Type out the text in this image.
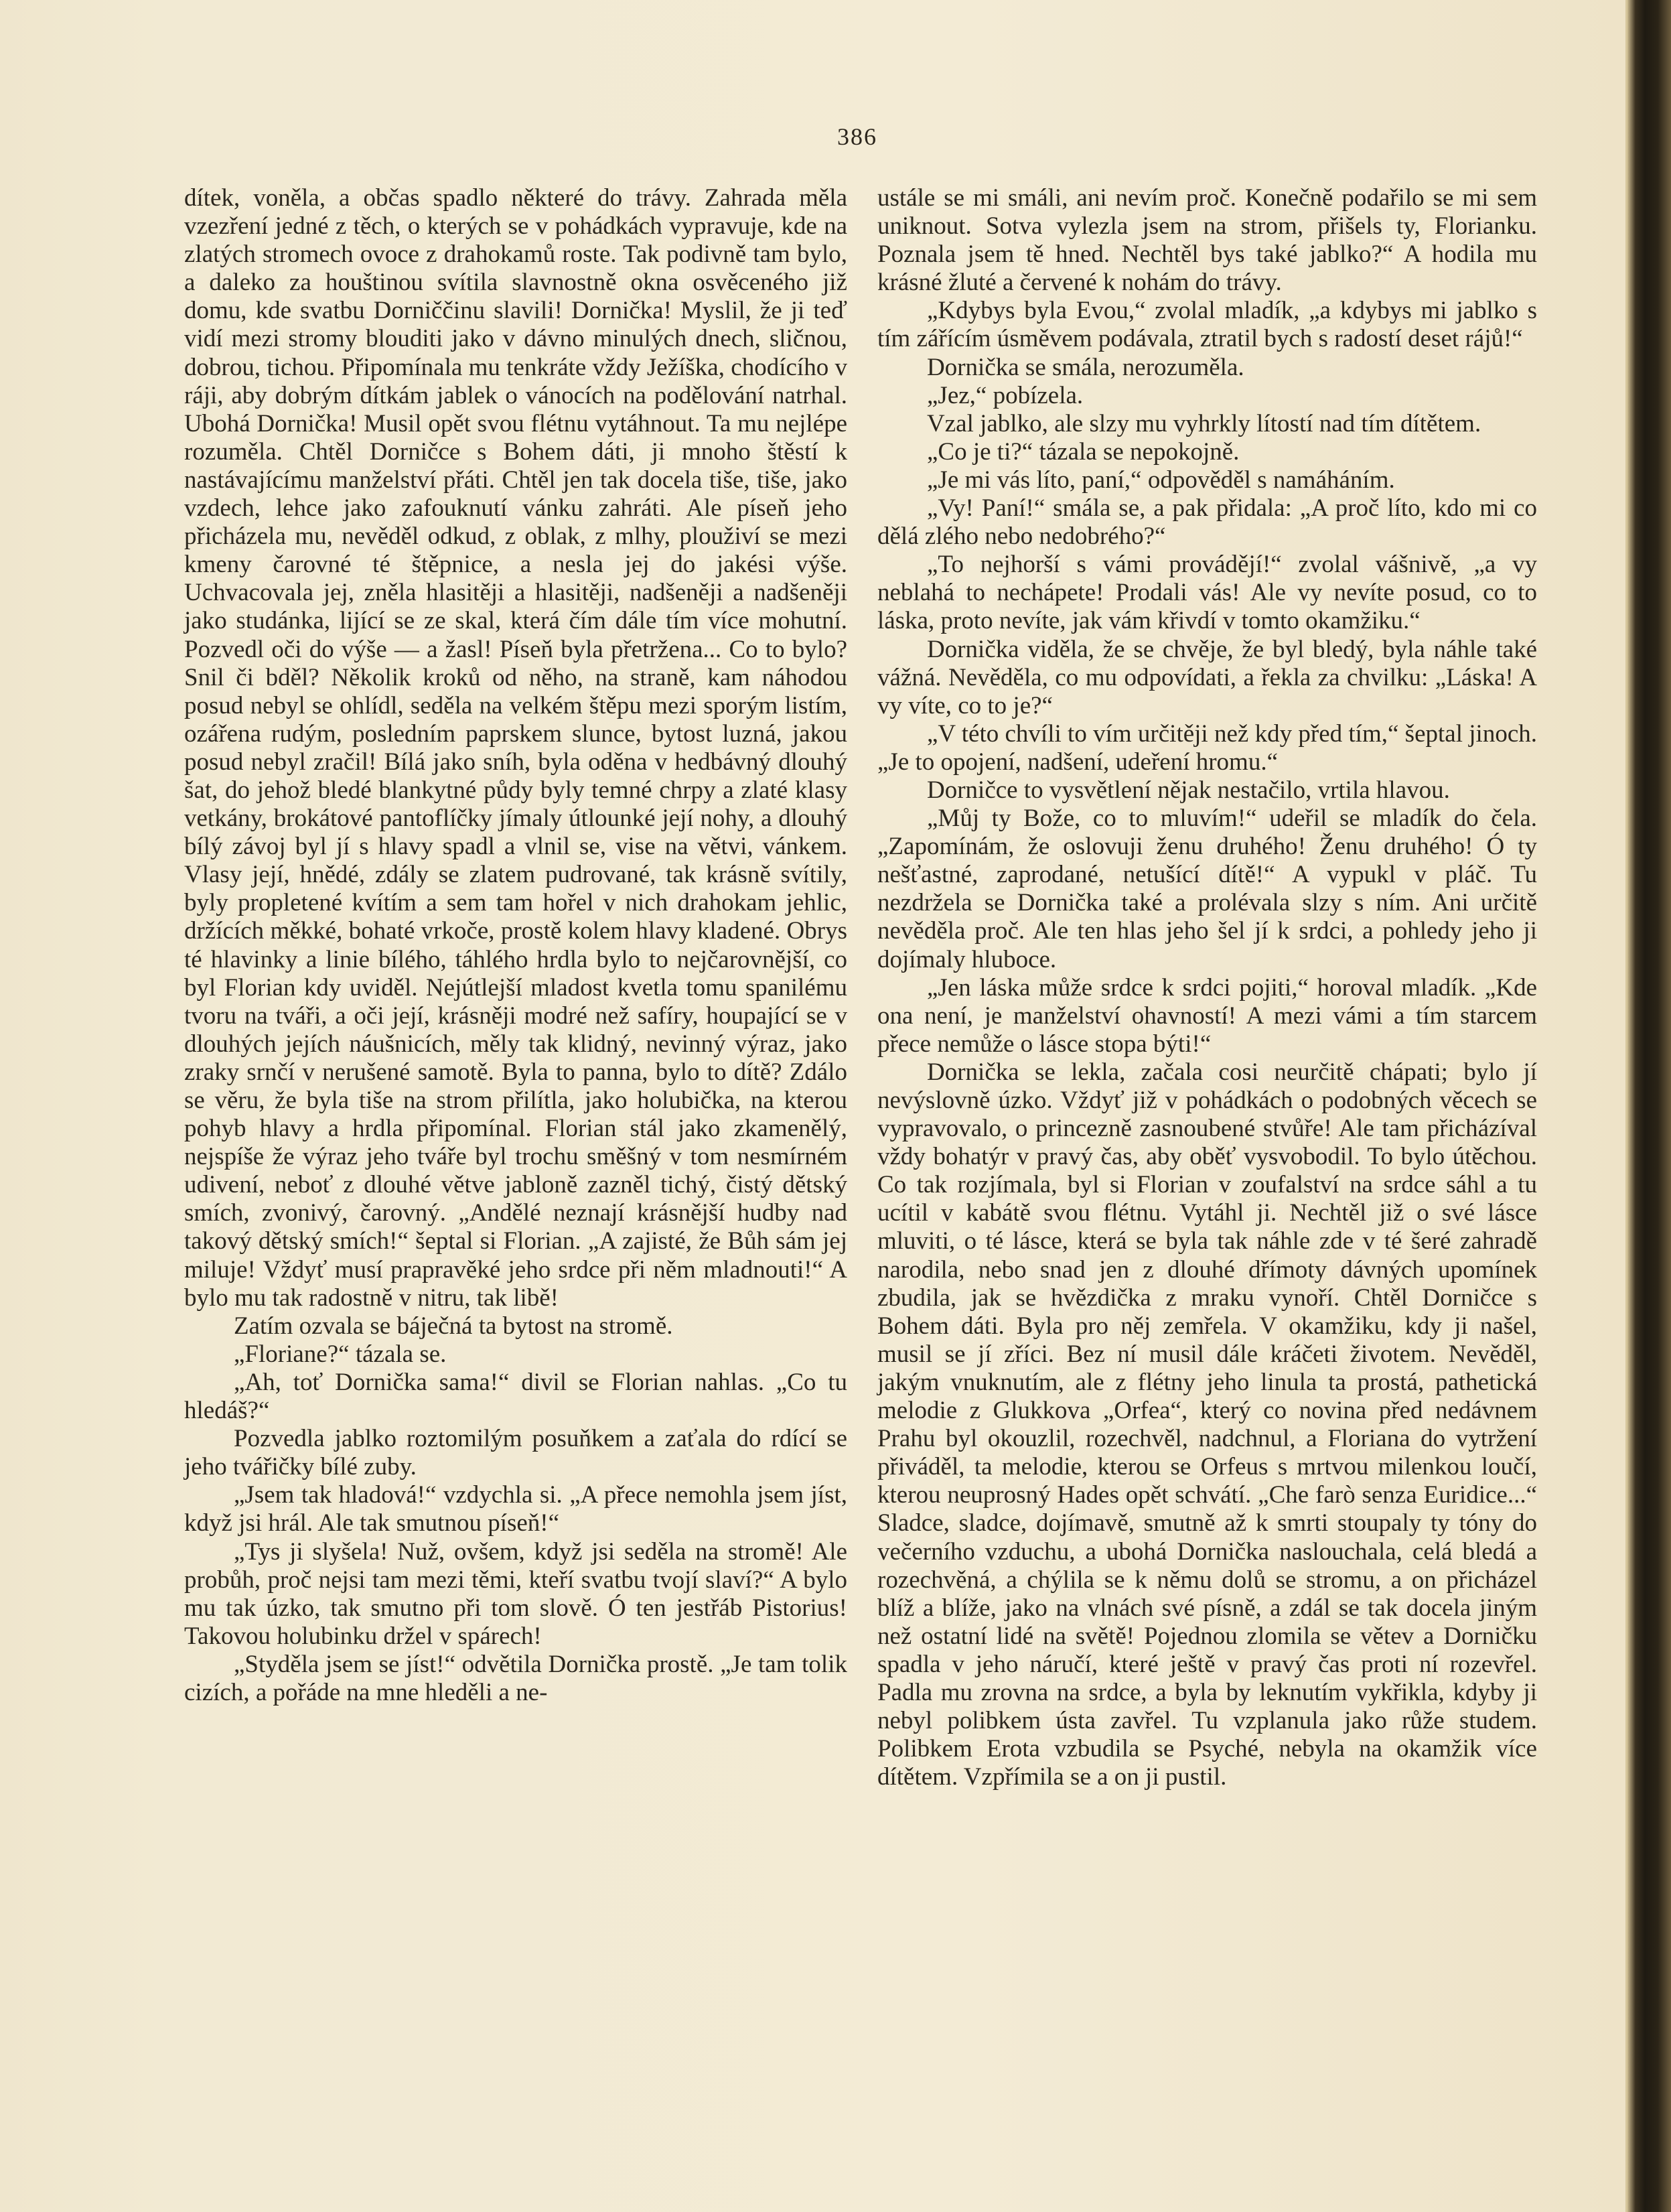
386

dítek, voněla, a občas spadlo některé do trávy. Zahrada měla vzezření jedné z těch, o kterých se v pohádkách vypravuje, kde na zlatých stromech ovoce z drahokamů roste. Tak podivně tam bylo, a daleko za houštinou svítila slavnostně okna osvěceného již domu, kde svatbu Dorniččinu slavili! Dornička! Myslil, že ji teď vidí mezi stromy blouditi jako v dávno minulých dnech, sličnou, dobrou, tichou. Připomínala mu tenkráte vždy Ježíška, chodícího v ráji, aby dobrým dítkám jablek o vánocích na podělování natrhal. Ubohá Dornička! Musil opět svou flétnu vytáhnout. Ta mu nejlépe rozuměla. Chtěl Dorničce s Bohem dáti, ji mnoho štěstí k nastávajícímu manželství přáti. Chtěl jen tak docela tiše, tiše, jako vzdech, lehce jako zafouknutí vánku zahráti. Ale píseň jeho přicházela mu, nevěděl odkud, z oblak, z mlhy, plouživí se mezi kmeny čarovné té štěpnice, a nesla jej do jakési výše. Uchvacovala jej, zněla hlasitěji a hlasitěji, nadšeněji a nadšeněji jako studánka, lijící se ze skal, která čím dále tím více mohutní. Pozvedl oči do výše — a žasl! Píseň byla přetržena... Co to bylo? Snil či bděl? Několik kroků od něho, na straně, kam náhodou posud nebyl se ohlídl, seděla na velkém štěpu mezi sporým listím, ozářena rudým, posledním paprskem slunce, bytost luzná, jakou posud nebyl zračil! Bílá jako sníh, byla oděna v hedbávný dlouhý šat, do jehož bledé blankytné půdy byly temné chrpy a zlaté klasy vetkány, brokátové pantoflíčky jímaly útlounké její nohy, a dlouhý bílý závoj byl jí s hlavy spadl a vlnil se, vise na větvi, vánkem. Vlasy její, hnědé, zdály se zlatem pudrované, tak krásně svítily, byly propletené kvítím a sem tam hořel v nich drahokam jehlic, držících měkké, bohaté vrkoče, prostě kolem hlavy kladené. Obrys té hlavinky a linie bílého, táhlého hrdla bylo to nejčarovnější, co byl Florian kdy uviděl. Nejútlejší mladost kvetla tomu spanilému tvoru na tváři, a oči její, krásněji modré než safíry, houpající se v dlouhých jejích náušnicích, měly tak klidný, nevinný výraz, jako zraky srnčí v nerušené samotě. Byla to panna, bylo to dítě? Zdálo se věru, že byla tiše na strom přilítla, jako holubička, na kterou pohyb hlavy a hrdla připomínal. Florian stál jako zkamenělý, nejspíše že výraz jeho tváře byl trochu směšný v tom nesmírném udivení, neboť z dlouhé větve jabloně zazněl tichý, čistý dětský smích, zvonivý, čarovný. „Andělé neznají krásnější hudby nad takový dětský smích!“ šeptal si Florian. „A zajisté, že Bůh sám jej miluje! Vždyť musí prapravěké jeho srdce při něm mladnouti!“ A bylo mu tak radostně v nitru, tak libě!

Zatím ozvala se báječná ta bytost na stromě.

„Floriane?“ tázala se.

„Ah, toť Dornička sama!“ divil se Florian nahlas. „Co tu hledáš?“

Pozvedla jablko roztomilým posuňkem a zaťala do rdící se jeho tvářičky bílé zuby.

„Jsem tak hladová!“ vzdychla si. „A přece nemohla jsem jíst, když jsi hrál. Ale tak smutnou píseň!“

„Tys ji slyšela! Nuž, ovšem, když jsi seděla na stromě! Ale probůh, proč nejsi tam mezi těmi, kteří svatbu tvojí slaví?“ A bylo mu tak úzko, tak smutno při tom slově. Ó ten jestřáb Pistorius! Takovou holubinku držel v spárech!

„Styděla jsem se jíst!“ odvětila Dornička prostě. „Je tam tolik cizích, a pořáde na mne hleděli a ne-

ustále se mi smáli, ani nevím proč. Konečně podařilo se mi sem uniknout. Sotva vylezla jsem na strom, přišels ty, Florianku. Poznala jsem tě hned. Nechtěl bys také jablko?“ A hodila mu krásné žluté a červené k nohám do trávy.

„Kdybys byla Evou,“ zvolal mladík, „a kdybys mi jablko s tím zářícím úsměvem podávala, ztratil bych s radostí deset rájů!“

Dornička se smála, nerozuměla.

„Jez,“ pobízela.

Vzal jablko, ale slzy mu vyhrkly lítostí nad tím dítětem.

„Co je ti?“ tázala se nepokojně.

„Je mi vás líto, paní,“ odpověděl s namáháním.

„Vy! Paní!“ smála se, a pak přidala: „A proč líto, kdo mi co dělá zlého nebo nedobrého?“

„To nejhorší s vámi provádějí!“ zvolal vášnivě, „a vy neblahá to nechápete! Prodali vás! Ale vy nevíte posud, co to láska, proto nevíte, jak vám křivdí v tomto okamžiku.“

Dornička viděla, že se chvěje, že byl bledý, byla náhle také vážná. Nevěděla, co mu odpovídati, a řekla za chvilku: „Láska! A vy víte, co to je?“

„V této chvíli to vím určitěji než kdy před tím,“ šeptal jinoch. „Je to opojení, nadšení, udeření hromu.“

Dorničce to vysvětlení nějak nestačilo, vrtila hlavou.

„Můj ty Bože, co to mluvím!“ udeřil se mladík do čela. „Zapomínám, že oslovuji ženu druhého! Ženu druhého! Ó ty nešťastné, zaprodané, netušící dítě!“ A vypukl v pláč. Tu nezdržela se Dornička také a prolévala slzy s ním. Ani určitě nevěděla proč. Ale ten hlas jeho šel jí k srdci, a pohledy jeho ji dojímaly hluboce.

„Jen láska může srdce k srdci pojiti,“ horoval mladík. „Kde ona není, je manželství ohavností! A mezi vámi a tím starcem přece nemůže o lásce stopa býti!“

Dornička se lekla, začala cosi neurčitě chápati; bylo jí nevýslovně úzko. Vždyť již v pohádkách o podobných věcech se vypravovalo, o princezně zasnoubené stvůře! Ale tam přicházíval vždy bohatýr v pravý čas, aby oběť vysvobodil. To bylo útěchou. Co tak rozjímala, byl si Florian v zoufalství na srdce sáhl a tu ucítil v kabátě svou flétnu. Vytáhl ji. Nechtěl již o své lásce mluviti, o té lásce, která se byla tak náhle zde v té šeré zahradě narodila, nebo snad jen z dlouhé dřímoty dávných upomínek zbudila, jak se hvězdička z mraku vynoří. Chtěl Dorničce s Bohem dáti. Byla pro něj zemřela. V okamžiku, kdy ji našel, musil se jí zříci. Bez ní musil dále kráčeti životem. Nevěděl, jakým vnuknutím, ale z flétny jeho linula ta prostá, pathetická melodie z Glukkova „Orfea“, který co novina před nedávnem Prahu byl okouzlil, rozechvěl, nadchnul, a Floriana do vytržení přiváděl, ta melodie, kterou se Orfeus s mrtvou milenkou loučí, kterou neuprosný Hades opět schvátí. „Che farò senza Euridice...“ Sladce, sladce, dojímavě, smutně až k smrti stoupaly ty tóny do večerního vzduchu, a ubohá Dornička naslouchala, celá bledá a rozechvěná, a chýlila se k němu dolů se stromu, a on přicházel blíž a blíže, jako na vlnách své písně, a zdál se tak docela jiným než ostatní lidé na světě! Pojednou zlomila se větev a Dorničku spadla v jeho náručí, které ještě v pravý čas proti ní rozevřel. Padla mu zrovna na srdce, a byla by leknutím vykřikla, kdyby ji nebyl polibkem ústa zavřel. Tu vzplanula jako růže studem. Polibkem Erota vzbudila se Psyché, nebyla na okamžik více dítětem. Vzpřímila se a on ji pustil.
